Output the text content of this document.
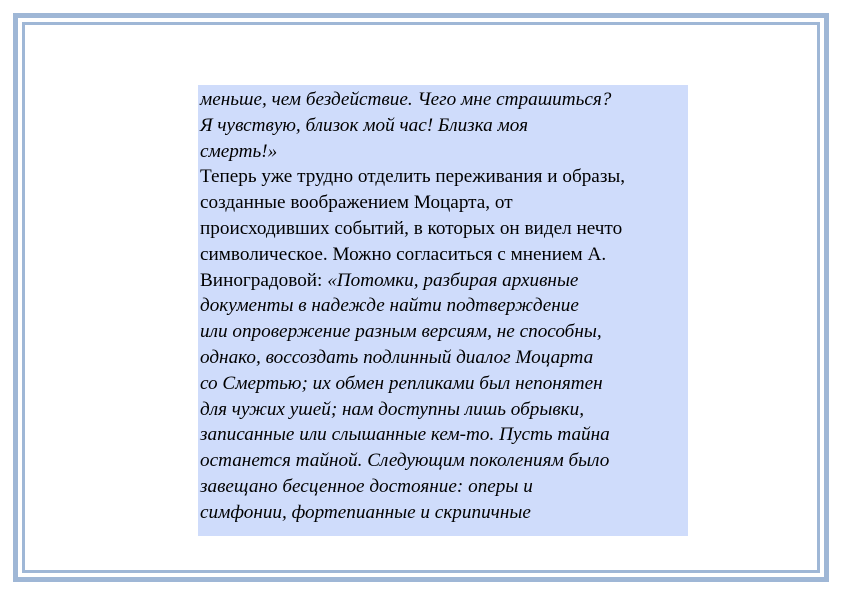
меньше, чем бездействие. Чего мне страшиться?
Я чувствую, близок мой час! Близка моя
смерть!»
Теперь уже трудно отделить переживания и образы,
созданные воображением Моцарта, от
происходивших событий, в которых он видел нечто
символическое. Можно согласиться с мнением А.
Виноградовой: «Потомки, разбирая архивные
документы в надежде найти подтверждение
или опровержение разным версиям, не способны,
однако, воссоздать подлинный диалог Моцарта
со Смертью; их обмен репликами был непонятен
для чужих ушей; нам доступны лишь обрывки,
записанные или слышанные кем-то. Пусть тайна
останется тайной. Следующим поколениям было
завещано бесценное достояние: оперы и
симфонии, фортепианные и скрипичные
